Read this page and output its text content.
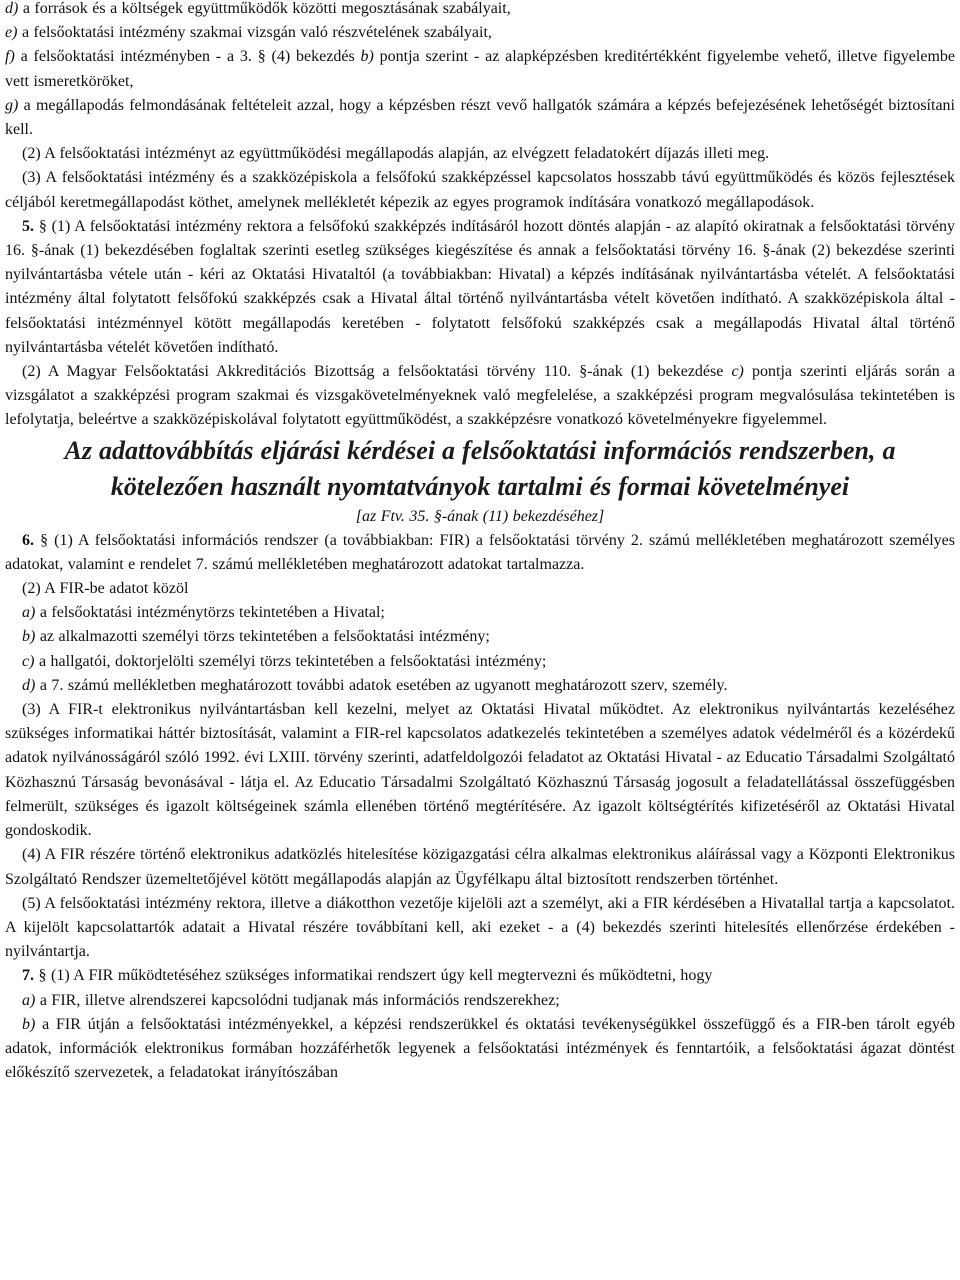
d) a források és a költségek együttműködők közötti megosztásának szabályait,

e) a felsőoktatási intézmény szakmai vizsgán való részvételének szabályait,

f) a felsőoktatási intézményben - a 3. § (4) bekezdés b) pontja szerint - az alapképzésben kreditértékként figyelembe vehető, illetve figyelembe vett ismeretköröket,

g) a megállapodás felmondásának feltételeit azzal, hogy a képzésben részt vevő hallgatók számára a képzés befejezésének lehetőségét biztosítani kell.

(2) A felsőoktatási intézményt az együttműködési megállapodás alapján, az elvégzett feladatokért díjazás illeti meg.

(3) A felsőoktatási intézmény és a szakközépiskola a felsőfokú szakképzéssel kapcsolatos hosszabb távú együttműködés és közös fejlesztések céljából keretmegállapodást köthet, amelynek mellékletét képezik az egyes programok indítására vonatkozó megállapodások.

5. § (1) A felsőoktatási intézmény rektora a felsőfokú szakképzés indításáról hozott döntés alapján - az alapító okiratnak a felsőoktatási törvény 16. §-ának (1) bekezdésében foglaltak szerinti esetleg szükséges kiegészítése és annak a felsőoktatási törvény 16. §-ának (2) bekezdése szerinti nyilvántartásba vétele után - kéri az Oktatási Hivataltól (a továbbiakban: Hivatal) a képzés indításának nyilvántartásba vételét. A felsőoktatási intézmény által folytatott felsőfokú szakképzés csak a Hivatal által történő nyilvántartásba vételt követően indítható. A szakközépiskola által - felsőoktatási intézménnyel kötött megállapodás keretében - folytatott felsőfokú szakképzés csak a megállapodás Hivatal által történő nyilvántartásba vételét követően indítható.

(2) A Magyar Felsőoktatási Akkreditációs Bizottság a felsőoktatási törvény 110. §-ának (1) bekezdése c) pontja szerinti eljárás során a vizsgálatot a szakképzési program szakmai és vizsgakövetelményeknek való megfelelése, a szakképzési program megvalósulása tekintetében is lefolytatja, beleértve a szakközépiskolával folytatott együttműködést, a szakképzésre vonatkozó követelményekre figyelemmel.

Az adattovábbítás eljárási kérdései a felsőoktatási információs rendszerben, a kötelezően használt nyomtatványok tartalmi és formai követelményei

[az Ftv. 35. §-ának (11) bekezdéséhez]

6. § (1) A felsőoktatási információs rendszer (a továbbiakban: FIR) a felsőoktatási törvény 2. számú mellékletében meghatározott személyes adatokat, valamint e rendelet 7. számú mellékletében meghatározott adatokat tartalmazza.

(2) A FIR-be adatot közöl

a) a felsőoktatási intézménytörzs tekintetében a Hivatal;

b) az alkalmazotti személyi törzs tekintetében a felsőoktatási intézmény;

c) a hallgatói, doktorjelölti személyi törzs tekintetében a felsőoktatási intézmény;

d) a 7. számú mellékletben meghatározott további adatok esetében az ugyanott meghatározott szerv, személy.

(3) A FIR-t elektronikus nyilvántartásban kell kezelni, melyet az Oktatási Hivatal működtet. Az elektronikus nyilvántartás kezeléséhez szükséges informatikai háttér biztosítását, valamint a FIR-rel kapcsolatos adatkezelés tekintetében a személyes adatok védelméről és a közérdekű adatok nyilvánosságáról szóló 1992. évi LXIII. törvény szerinti, adatfeldolgozói feladatot az Oktatási Hivatal - az Educatio Társadalmi Szolgáltató Közhasznú Társaság bevonásával - látja el. Az Educatio Társadalmi Szolgáltató Közhasznú Társaság jogosult a feladatellátással összefüggésben felmerült, szükséges és igazolt költségeinek számla ellenében történő megtérítésére. Az igazolt költségtérítés kifizetéséről az Oktatási Hivatal gondoskodik.

(4) A FIR részére történő elektronikus adatközlés hitelesítése közigazgatási célra alkalmas elektronikus aláírással vagy a Központi Elektronikus Szolgáltató Rendszer üzemeltetőjével kötött megállapodás alapján az Ügyfélkapu által biztosított rendszerben történhet.

(5) A felsőoktatási intézmény rektora, illetve a diákotthon vezetője kijelöli azt a személyt, aki a FIR kérdésében a Hivatallal tartja a kapcsolatot. A kijelölt kapcsolattartók adatait a Hivatal részére továbbítani kell, aki ezeket - a (4) bekezdés szerinti hitelesítés ellenőrzése érdekében - nyilvántartja.

7. § (1) A FIR működtetéséhez szükséges informatikai rendszert úgy kell megtervezni és működtetni, hogy

a) a FIR, illetve alrendszerei kapcsolódni tudjanak más információs rendszerekhez;

b) a FIR útján a felsőoktatási intézményekkel, a képzési rendszerükkel és oktatási tevékenységükkel összefüggő és a FIR-ben tárolt egyéb adatok, információk elektronikus formában hozzáférhetők legyenek a felsőoktatási intézmények és fenntartóik, a felsőoktatási ágazat döntést előkészítő szervezetek, a feladatokat irányítószában
